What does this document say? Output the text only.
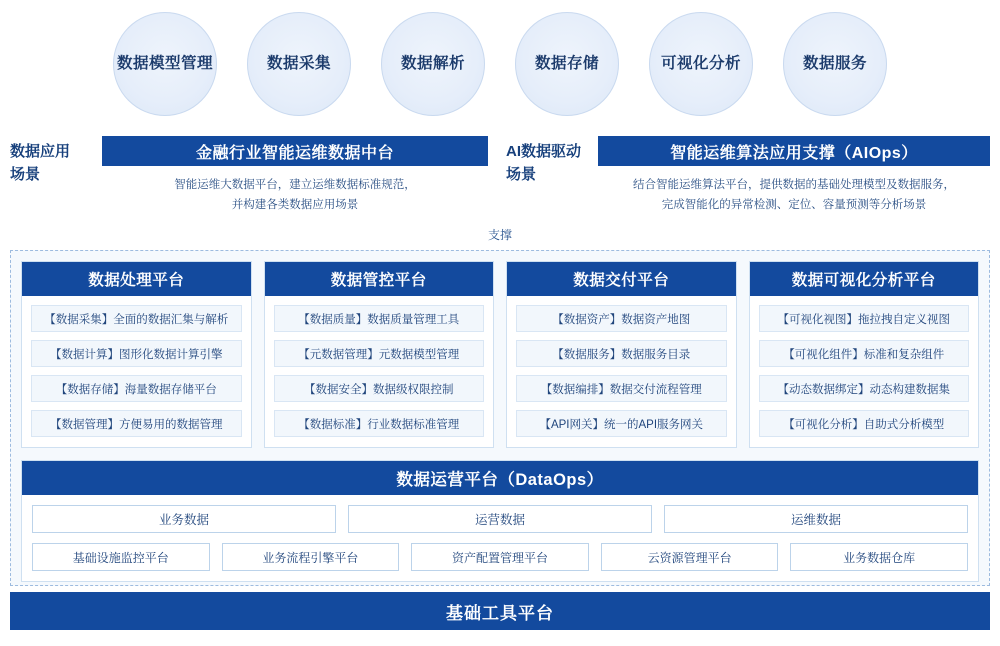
数据模型管理	数据采集	数据解析	数据存储	可视化分析	数据服务
数据应用
场景
金融行业智能运维数据中台
智能运维大数据平台，建立运维数据标准规范，
并构建各类数据应用场景
AI数据驱动
场景
智能运维算法应用支撑（AIOps）
结合智能运维算法平台，提供数据的基础处理模型及数据服务，
完成智能化的异常检测、定位、容量预测等分析场景
支撑
数据处理平台
【数据采集】全面的数据汇集与解析
【数据计算】图形化数据计算引擎
【数据存储】海量数据存储平台
【数据管理】方便易用的数据管理
数据管控平台
【数据质量】数据质量管理工具
【元数据管理】元数据模型管理
【数据安全】数据级权限控制
【数据标准】行业数据标准管理
数据交付平台
【数据资产】数据资产地图
【数据服务】数据服务目录
【数据编排】数据交付流程管理
【API网关】统一的API服务网关
数据可视化分析平台
【可视化视图】拖拉拽自定义视图
【可视化组件】标准和复杂组件
【动态数据绑定】动态构建数据集
【可视化分析】自助式分析模型
数据运营平台（DataOps）
业务数据	运营数据	运维数据
基础设施监控平台	业务流程引擎平台	资产配置管理平台	云资源管理平台	业务数据仓库
基础工具平台
